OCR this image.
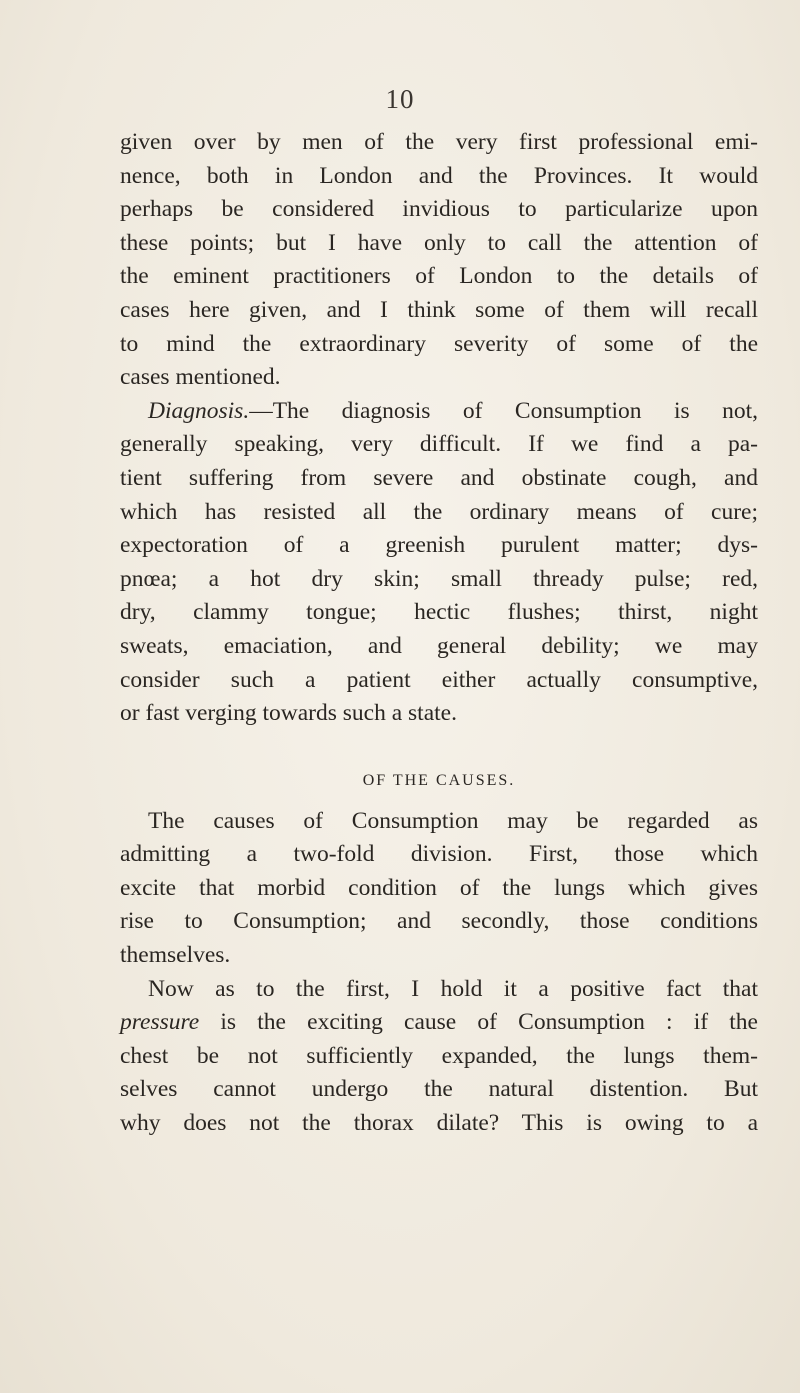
10
given over by men of the very first professional emi-
nence, both in London and the Provinces. It would
perhaps be considered invidious to particularize upon
these points; but I have only to call the attention of
the eminent practitioners of London to the details of
cases here given, and I think some of them will recall
to mind the extraordinary severity of some of the
cases mentioned.
Diagnosis.—The diagnosis of Consumption is not,
generally speaking, very difficult. If we find a pa-
tient suffering from severe and obstinate cough, and
which has resisted all the ordinary means of cure;
expectoration of a greenish purulent matter; dys-
pnœa; a hot dry skin; small thready pulse; red,
dry, clammy tongue; hectic flushes; thirst, night
sweats, emaciation, and general debility; we may
consider such a patient either actually consumptive,
or fast verging towards such a state.
OF THE CAUSES.
The causes of Consumption may be regarded as
admitting a two-fold division. First, those which
excite that morbid condition of the lungs which gives
rise to Consumption; and secondly, those conditions
themselves.
Now as to the first, I hold it a positive fact that
pressure is the exciting cause of Consumption : if the
chest be not sufficiently expanded, the lungs them-
selves cannot undergo the natural distention. But
why does not the thorax dilate? This is owing to a
